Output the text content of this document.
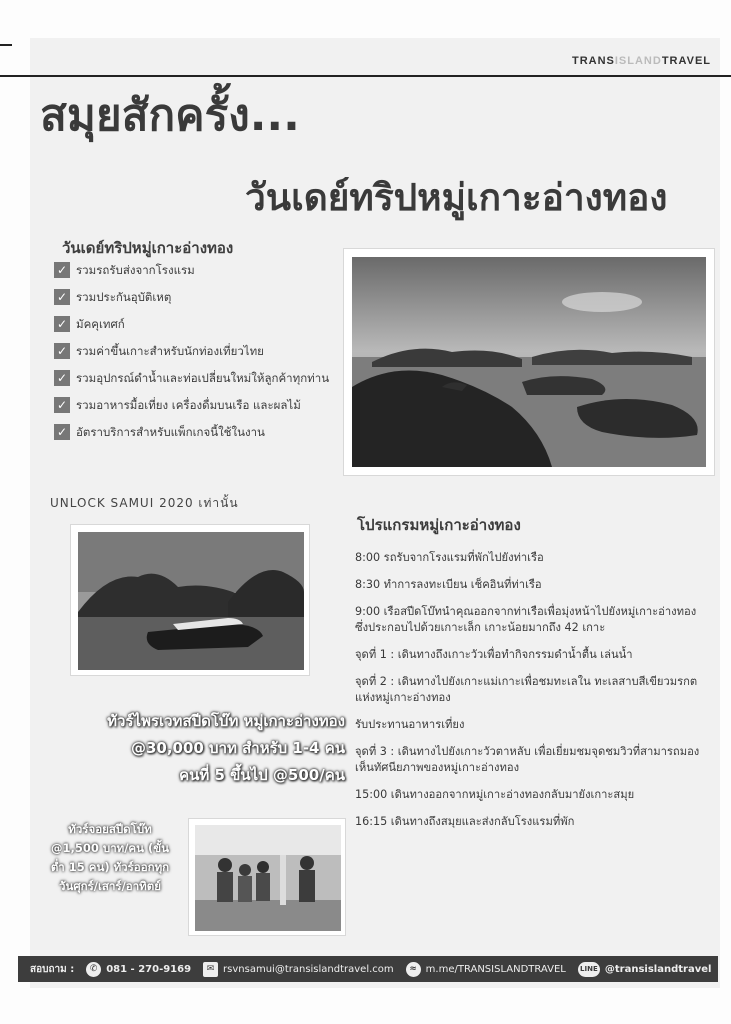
TRANSISLANDTRAVEL
สมุยสักครั้ง...
วันเดย์ทริปหมู่เกาะอ่างทอง
วันเดย์ทริปหมู่เกาะอ่างทอง
✓ รวมรถรับส่งจากโรงแรม
✓ รวมประกันอุบัติเหตุ
✓ มัคคุเทศก์
✓ รวมค่าขึ้นเกาะสำหรับนักท่องเที่ยวไทย
✓ รวมอุปกรณ์ดำน้ำและท่อเปลี่ยนใหม่ให้ลูกค้าทุกท่าน
✓ รวมอาหารมื้อเที่ยง เครื่องดื่มบนเรือ และผลไม้
✓ อัตราบริการสำหรับแพ็กเกจนี้ใช้ในงาน
UNLOCK SAMUI 2020 เท่านั้น
โปรแกรมหมู่เกาะอ่างทอง
8:00 รถรับจากโรงแรมที่พักไปยังท่าเรือ
8:30 ทำการลงทะเบียน เช็คอินที่ท่าเรือ
9:00 เรือสปีดโบ๊ทนำคุณออกจากท่าเรือเพื่อมุ่งหน้าไปยังหมู่เกาะอ่างทอง ซึ่งประกอบไปด้วยเกาะเล็ก เกาะน้อยมากถึง 42 เกาะ
จุดที่ 1 : เดินทางถึงเกาะวัวเพื่อทำกิจกรรมดำน้ำตื้น เล่นน้ำ
จุดที่ 2 : เดินทางไปยังเกาะแม่เกาะเพื่อชมทะเลใน ทะเลสาบสีเขียวมรกต แห่งหมู่เกาะอ่างทอง
รับประทานอาหารเที่ยง
จุดที่ 3 : เดินทางไปยังเกาะวัวตาหลับ เพื่อเยี่ยมชมจุดชมวิวที่สามารถมองเห็นทัศนียภาพของหมู่เกาะอ่างทอง
15:00 เดินทางออกจากหมู่เกาะอ่างทองกลับมายังเกาะสมุย
16:15 เดินทางถึงสมุยและส่งกลับโรงแรมที่พัก
ทัวร์ไพรเวทสปีดโบ๊ท หมู่เกาะอ่างทอง
@30,000 บาท สำหรับ 1-4 คน
คนที่ 5 ขึ้นไป @500/คน
ทัวร์จอยสปีดโบ๊ท
@1,500 บาท/คน (ขั้น
ต่ำ 15 คน) ทัวร์ออกทุก
วันศุกร์/เสาร์/อาทิตย์
สอบถาม :	✆ 081 - 270-9169	✉ rsvnsamui@transislandtravel.com	≈ m.me/TRANSISLANDTRAVEL	LINE @transislandtravel
